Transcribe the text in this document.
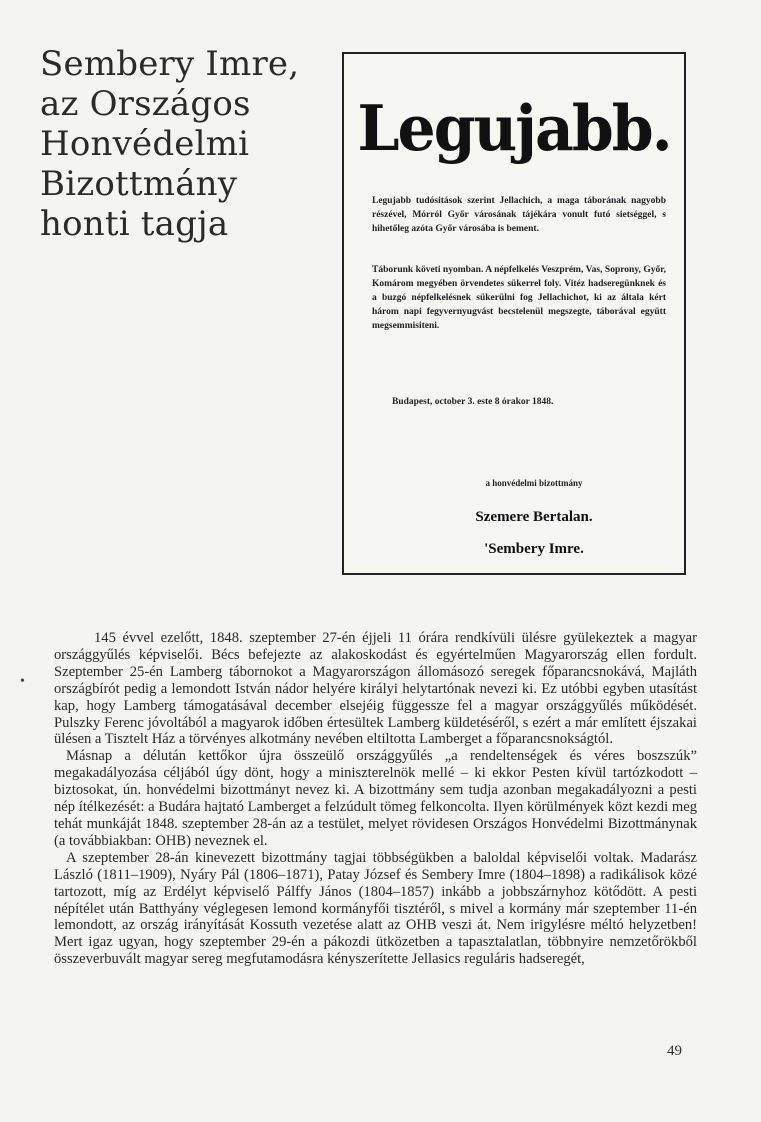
Sembery Imre,
az Országos
Honvédelmi
Bizottmány
honti tagja
Legujabb.

Legujabb tudósitások szerint Jellachich, a maga táborának nagyobb részével, Mórról Győr városának tájékára vonult futó sietséggel, s hihetőleg azóta Győr városába is bement.

Táborunk követi nyomban. A népfelkelés Veszprém, Vas, Soprony, Győr, Komárom megyében örvendetes sükerrel foly. Vitéz hadseregünknek és a buzgó népfelkelésnek sükerülni fog Jellachichot, ki az általa kért három napi fegyvernyugvást becstelenül megszegte, táborával együtt megsemmisiteni.

Budapest, october 3. este 8 órakor 1848.

a honvédelmi bizottmány

Szemere Bertalan.

'Sembery Imre.

•

145 évvel ezelőtt, 1848. szeptember 27-én éjjeli 11 órára rendkívüli ülésre gyülekeztek a magyar országgyűlés képviselői. Bécs befejezte az alakoskodást és egyértelműen Magyarország ellen fordult. Szeptember 25-én Lamberg tábornokot a Magyarországon állomásozó seregek főparancsnokává, Majláth országbírót pedig a lemondott István nádor helyére királyi helytartónak nevezi ki. Ez utóbbi egyben utasítást kap, hogy Lamberg támogatásával december elsejéig függessze fel a magyar országgyűlés működését. Pulszky Ferenc jóvoltából a magyarok időben értesültek Lamberg küldetéséről, s ezért a már említett éjszakai ülésen a Tisztelt Ház a törvényes alkotmány nevében eltiltotta Lamberget a főparancsnokságtól.

Másnap a délután kettőkor újra összeülő országgyűlés „a rendeltenségek és véres boszszúk” megakadályozása céljából úgy dönt, hogy a miniszterelnök mellé – ki ekkor Pesten kívül tartózkodott – biztosokat, ún. honvédelmi bizottmányt nevez ki. A bizottmány sem tudja azonban megakadályozni a pesti nép ítélkezését: a Budára hajtató Lamberget a felzúdult tömeg felkoncolta. Ilyen körülmények közt kezdi meg tehát munkáját 1848. szeptember 28-án az a testület, melyet rövidesen Országos Honvédelmi Bizottmánynak (a továbbiakban: OHB) neveznek el.

A szeptember 28-án kinevezett bizottmány tagjai többségükben a baloldal képviselői voltak. Madarász László (1811–1909), Nyáry Pál (1806–1871), Patay József és Sembery Imre (1804–1898) a radikálisok közé tartozott, míg az Erdélyt képviselő Pálffy János (1804–1857) inkább a jobbszárnyhoz kötődött. A pesti népítélet után Batthyány véglegesen lemond kormányfői tisztéről, s mivel a kormány már szeptember 11-én lemondott, az ország irányítását Kossuth vezetése alatt az OHB veszi át. Nem irigylésre méltó helyzetben! Mert igaz ugyan, hogy szeptember 29-én a pákozdi ütközetben a tapasztalatlan, többnyire nemzetőrökből összeverbuvált magyar sereg megfutamodásra kényszerítette Jellasics reguláris hadseregét,

49
